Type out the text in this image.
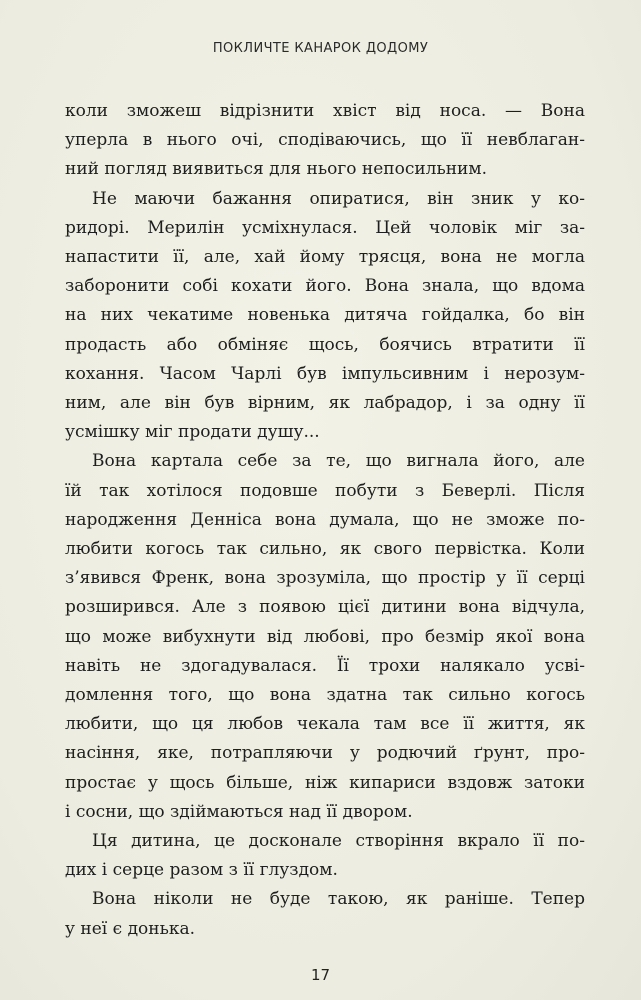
ПОКЛИЧТЕ КАНАРОК ДОДОМУ

коли зможеш відрізнити хвіст від носа. — Вона
уперла в нього очі, сподіваючись, що її невблаган-
ний погляд виявиться для нього непосильним.

Не маючи бажання опиратися, він зник у ко-
ридорі. Мерилін усміхнулася. Цей чоловік міг за-
напастити її, але, хай йому трясця, вона не могла
заборонити собі кохати його. Вона знала, що вдома
на них чекатиме новенька дитяча гойдалка, бо він
продасть або обміняє щось, боячись втратити її
кохання. Часом Чарлі був імпульсивним і нерозум-
ним, але він був вірним, як лабрадор, і за одну її
усмішку міг продати душу...

Вона картала себе за те, що вигнала його, але
їй так хотілося подовше побути з Беверлі. Після
народження Денніса вона думала, що не зможе по-
любити когось так сильно, як свого первістка. Коли
з’явився Френк, вона зрозуміла, що простір у її серці
розширився. Але з появою цієї дитини вона відчула,
що може вибухнути від любові, про безмір якої вона
навіть не здогадувалася. Її трохи налякало усві-
домлення того, що вона здатна так сильно когось
любити, що ця любов чекала там все її життя, як
насіння, яке, потрапляючи у родючий ґрунт, про-
простає у щось більше, ніж кипариси вздовж затоки
і сосни, що здіймаються над її двором.

Ця дитина, це досконале створіння вкрало її по-
дих і серце разом з її глуздом.

Вона ніколи не буде такою, як раніше. Тепер
у неї є донька.

17
